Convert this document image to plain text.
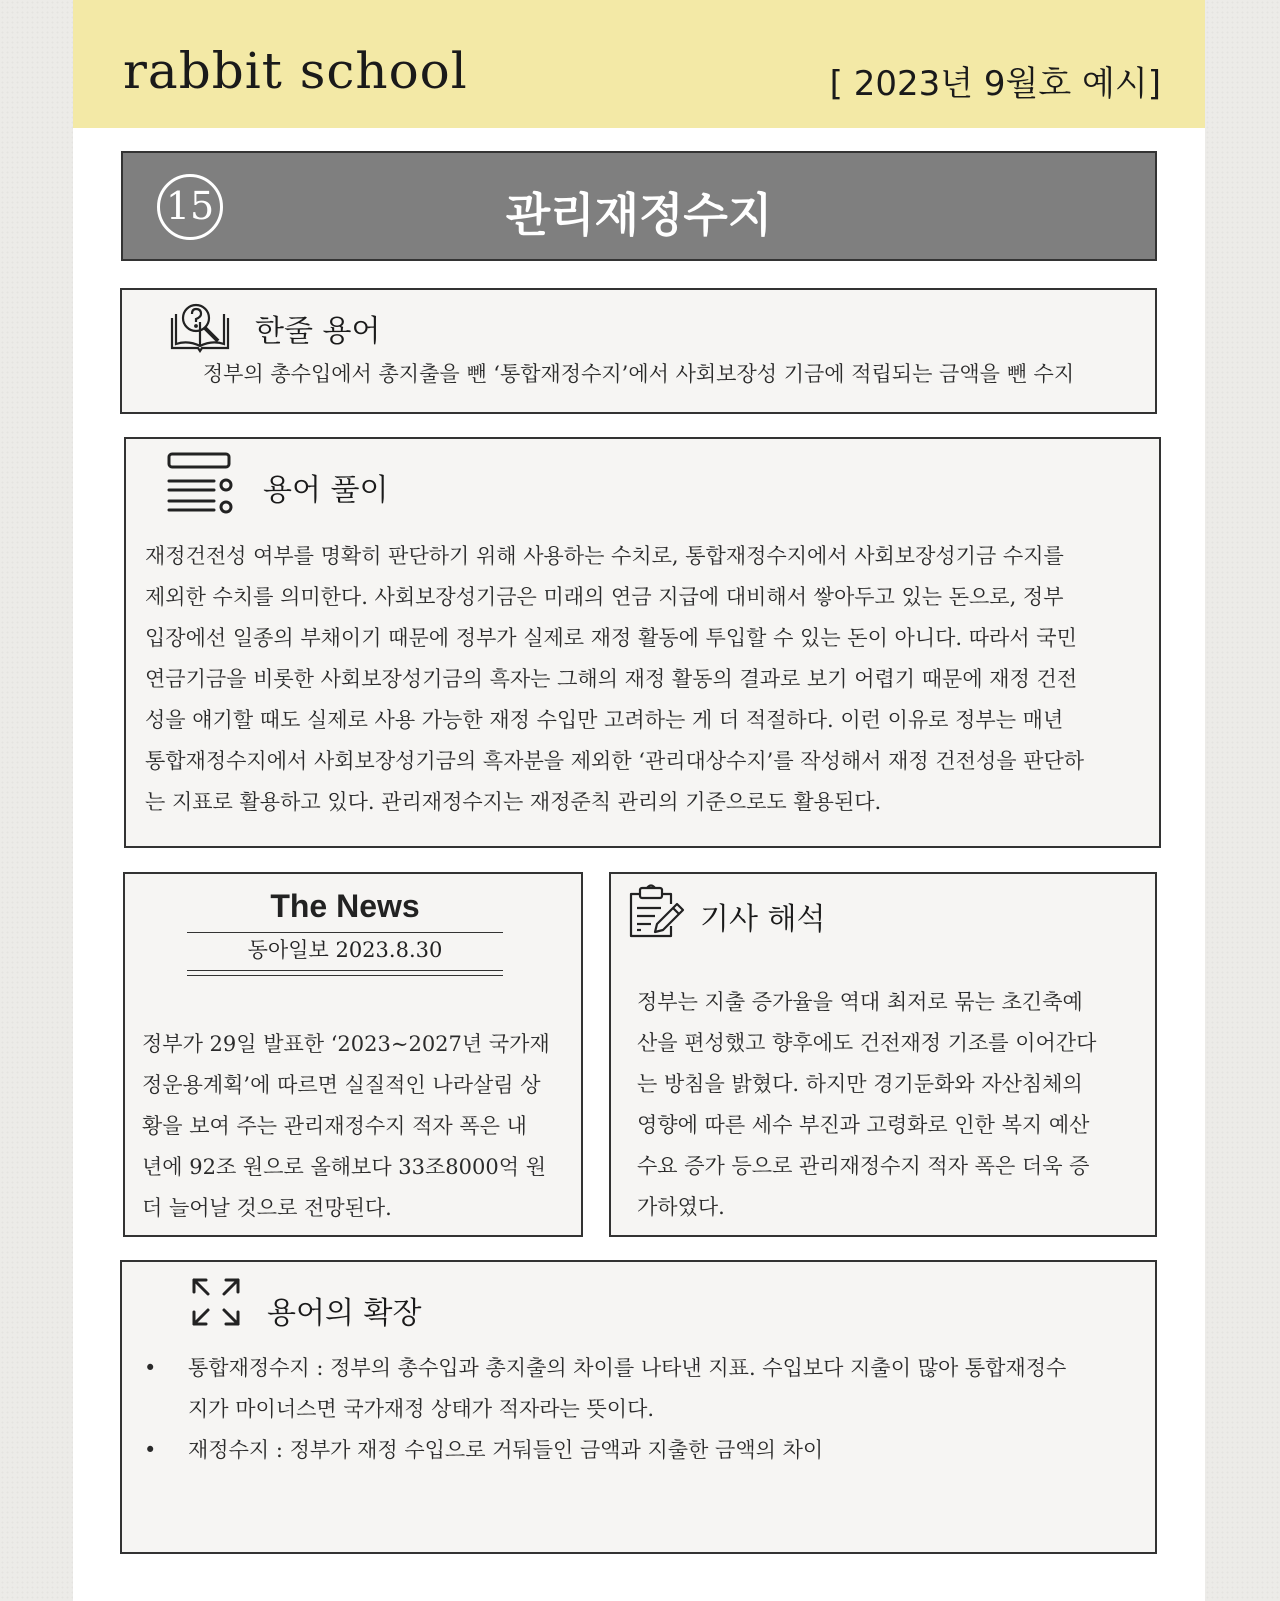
rabbit school	[ 2023년 9월호 예시]
15	관리재정수지
한줄 용어
정부의 총수입에서 총지출을 뺀 ‘통합재정수지’에서 사회보장성 기금에 적립되는 금액을 뺀 수지
용어 풀이
재정건전성 여부를 명확히 판단하기 위해 사용하는 수치로, 통합재정수지에서 사회보장성기금 수지를
제외한 수치를 의미한다. 사회보장성기금은 미래의 연금 지급에 대비해서 쌓아두고 있는 돈으로, 정부
입장에선 일종의 부채이기 때문에 정부가 실제로 재정 활동에 투입할 수 있는 돈이 아니다. 따라서 국민
연금기금을 비롯한 사회보장성기금의 흑자는 그해의 재정 활동의 결과로 보기 어렵기 때문에 재정 건전
성을 얘기할 때도 실제로 사용 가능한 재정 수입만 고려하는 게 더 적절하다. 이런 이유로 정부는 매년
통합재정수지에서 사회보장성기금의 흑자분을 제외한 ‘관리대상수지’를 작성해서 재정 건전성을 판단하
는 지표로 활용하고 있다. 관리재정수지는 재정준칙 관리의 기준으로도 활용된다.
The News
동아일보 2023.8.30
정부가 29일 발표한 ‘2023∼2027년 국가재
정운용계획’에 따르면 실질적인 나라살림 상
황을 보여 주는 관리재정수지 적자 폭은 내
년에 92조 원으로 올해보다 33조8000억 원
더 늘어날 것으로 전망된다.
기사 해석
정부는 지출 증가율을 역대 최저로 묶는 초긴축예
산을 편성했고 향후에도 건전재정 기조를 이어간다
는 방침을 밝혔다. 하지만 경기둔화와 자산침체의
영향에 따른 세수 부진과 고령화로 인한 복지 예산
수요 증가 등으로 관리재정수지 적자 폭은 더욱 증
가하였다.
용어의 확장
• 통합재정수지 : 정부의 총수입과 총지출의 차이를 나타낸 지표. 수입보다 지출이 많아 통합재정수
지가 마이너스면 국가재정 상태가 적자라는 뜻이다.
• 재정수지 : 정부가 재정 수입으로 거둬들인 금액과 지출한 금액의 차이
